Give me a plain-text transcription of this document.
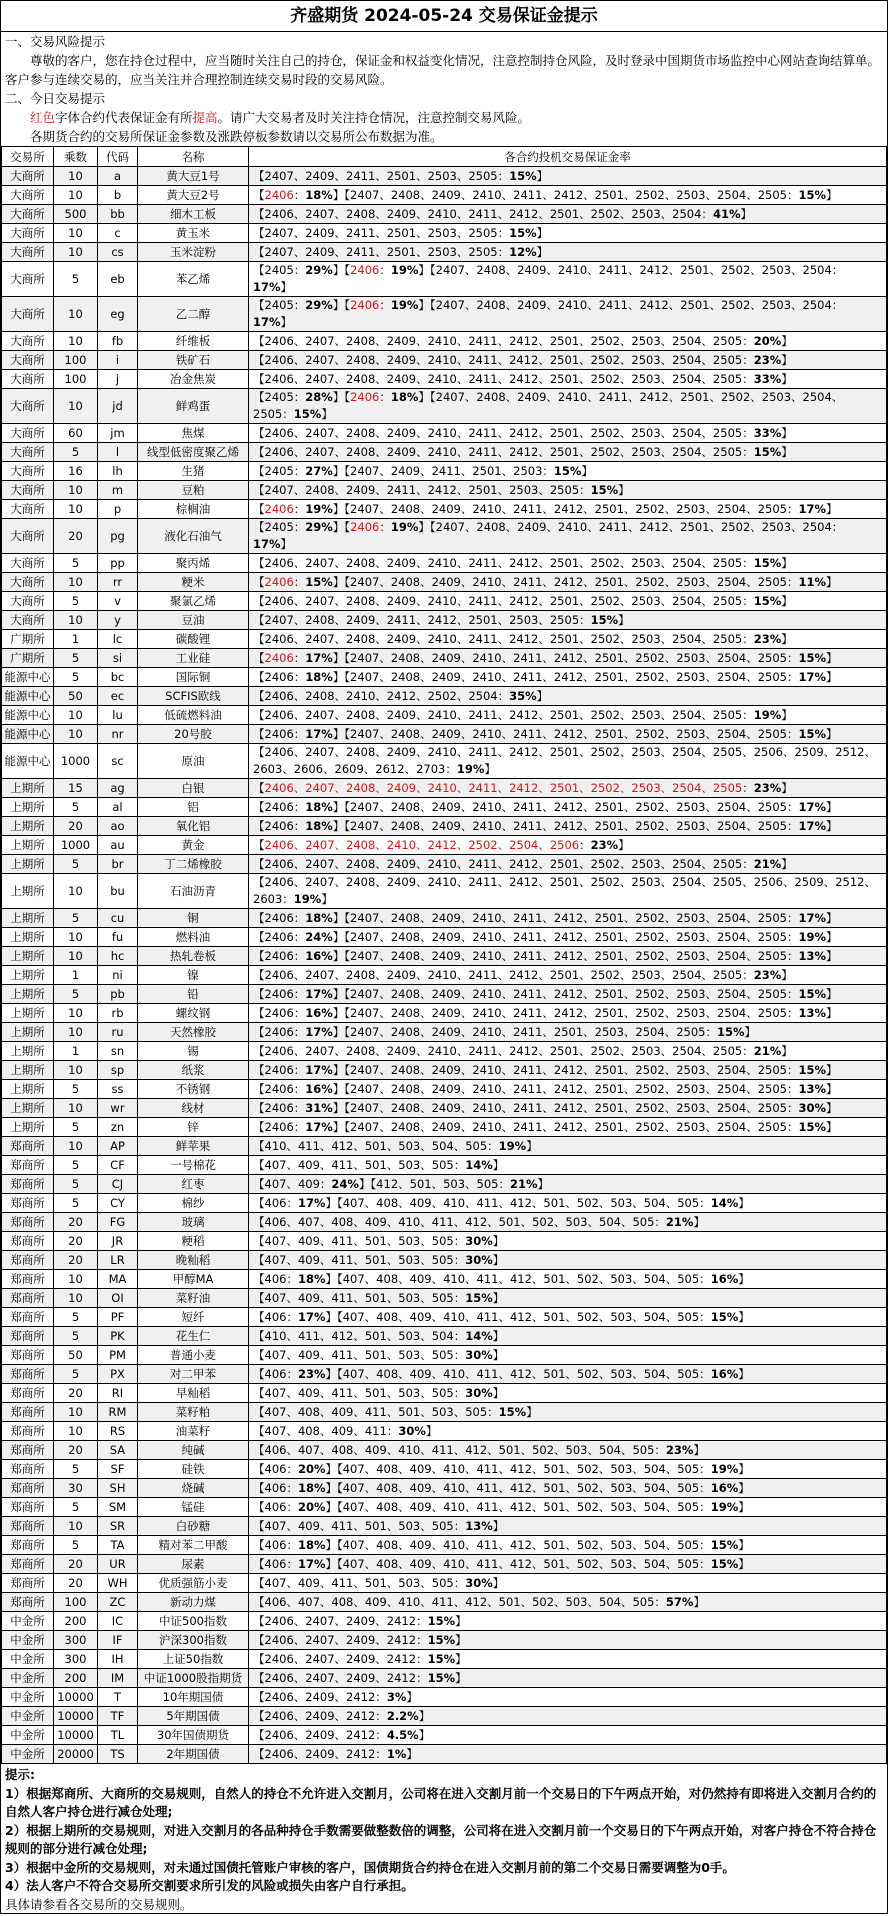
齐盛期货 2024-05-24 交易保证金提示
一、交易风险提示
尊敬的客户，您在持仓过程中，应当随时关注自己的持仓，保证金和权益变化情况，注意控制持仓风险，及时登录中国期货市场监控中心网站查询结算单。客户参与连续交易的，应当关注并合理控制连续交易时段的交易风险。
二、今日交易提示
红色字体合约代表保证金有所提高。请广大交易者及时关注持仓情况，注意控制交易风险。
各期货合约的交易所保证金参数及涨跌停板参数请以交易所公布数据为准。
交易所	乘数	代码	名称	各合约投机交易保证金率
大商所	10	a	黄大豆1号	【2407、2409、2411、2501、2503、2505：15%】
大商所	10	b	黄大豆2号	【2406：18%】【2407、2408、2409、2410、2411、2412、2501、2502、2503、2504、2505：15%】
大商所	500	bb	细木工板	【2406、2407、2408、2409、2410、2411、2412、2501、2502、2503、2504：41%】
大商所	10	c	黄玉米	【2407、2409、2411、2501、2503、2505：15%】
大商所	10	cs	玉米淀粉	【2407、2409、2411、2501、2503、2505：12%】
大商所	5	eb	苯乙烯	【2405：29%】【2406：19%】【2407、2408、2409、2410、2411、2412、2501、2502、2503、2504：17%】
大商所	10	eg	乙二醇	【2405：29%】【2406：19%】【2407、2408、2409、2410、2411、2412、2501、2502、2503、2504：17%】
大商所	10	fb	纤维板	【2406、2407、2408、2409、2410、2411、2412、2501、2502、2503、2504、2505：20%】
大商所	100	i	铁矿石	【2406、2407、2408、2409、2410、2411、2412、2501、2502、2503、2504、2505：23%】
大商所	100	j	冶金焦炭	【2406、2407、2408、2409、2410、2411、2412、2501、2502、2503、2504、2505：33%】
大商所	10	jd	鲜鸡蛋	【2405：28%】【2406：18%】【2407、2408、2409、2410、2411、2412、2501、2502、2503、2504、2505：15%】
大商所	60	jm	焦煤	【2406、2407、2408、2409、2410、2411、2412、2501、2502、2503、2504、2505：33%】
大商所	5	l	线型低密度聚乙烯	【2406、2407、2408、2409、2410、2411、2412、2501、2502、2503、2504、2505：15%】
大商所	16	lh	生猪	【2405：27%】【2407、2409、2411、2501、2503：15%】
大商所	10	m	豆粕	【2407、2408、2409、2411、2412、2501、2503、2505：15%】
大商所	10	p	棕榈油	【2406：19%】【2407、2408、2409、2410、2411、2412、2501、2502、2503、2504、2505：17%】
大商所	20	pg	液化石油气	【2405：29%】【2406：19%】【2407、2408、2409、2410、2411、2412、2501、2502、2503、2504：17%】
大商所	5	pp	聚丙烯	【2406、2407、2408、2409、2410、2411、2412、2501、2502、2503、2504、2505：15%】
大商所	10	rr	粳米	【2406：15%】【2407、2408、2409、2410、2411、2412、2501、2502、2503、2504、2505：11%】
大商所	5	v	聚氯乙烯	【2406、2407、2408、2409、2410、2411、2412、2501、2502、2503、2504、2505：15%】
大商所	10	y	豆油	【2407、2408、2409、2411、2412、2501、2503、2505：15%】
广期所	1	lc	碳酸锂	【2406、2407、2408、2409、2410、2411、2412、2501、2502、2503、2504、2505：23%】
广期所	5	si	工业硅	【2406：17%】【2407、2408、2409、2410、2411、2412、2501、2502、2503、2504、2505：15%】
能源中心	5	bc	国际铜	【2406：18%】【2407、2408、2409、2410、2411、2412、2501、2502、2503、2504、2505：17%】
能源中心	50	ec	SCFIS欧线	【2406、2408、2410、2412、2502、2504：35%】
能源中心	10	lu	低硫燃料油	【2406、2407、2408、2409、2410、2411、2412、2501、2502、2503、2504、2505：19%】
能源中心	10	nr	20号胶	【2406：17%】【2407、2408、2409、2410、2411、2412、2501、2502、2503、2504、2505：15%】
能源中心	1000	sc	原油	【2406、2407、2408、2409、2410、2411、2412、2501、2502、2503、2504、2505、2506、2509、2512、2603、2606、2609、2612、2703：19%】
上期所	15	ag	白银	【2406、2407、2408、2409、2410、2411、2412、2501、2502、2503、2504、2505：23%】
上期所	5	al	铝	【2406：18%】【2407、2408、2409、2410、2411、2412、2501、2502、2503、2504、2505：17%】
上期所	20	ao	氧化铝	【2406：18%】【2407、2408、2409、2410、2411、2412、2501、2502、2503、2504、2505：17%】
上期所	1000	au	黄金	【2406、2407、2408、2410、2412、2502、2504、2506：23%】
上期所	5	br	丁二烯橡胶	【2406、2407、2408、2409、2410、2411、2412、2501、2502、2503、2504、2505：21%】
上期所	10	bu	石油沥青	【2406、2407、2408、2409、2410、2411、2412、2501、2502、2503、2504、2505、2506、2509、2512、2603：19%】
上期所	5	cu	铜	【2406：18%】【2407、2408、2409、2410、2411、2412、2501、2502、2503、2504、2505：17%】
上期所	10	fu	燃料油	【2406：24%】【2407、2408、2409、2410、2411、2412、2501、2502、2503、2504、2505：19%】
上期所	10	hc	热轧卷板	【2406：16%】【2407、2408、2409、2410、2411、2412、2501、2502、2503、2504、2505：13%】
上期所	1	ni	镍	【2406、2407、2408、2409、2410、2411、2412、2501、2502、2503、2504、2505：23%】
上期所	5	pb	铅	【2406：17%】【2407、2408、2409、2410、2411、2412、2501、2502、2503、2504、2505：15%】
上期所	10	rb	螺纹钢	【2406：16%】【2407、2408、2409、2410、2411、2412、2501、2502、2503、2504、2505：13%】
上期所	10	ru	天然橡胶	【2406：17%】【2407、2408、2409、2410、2411、2501、2503、2504、2505：15%】
上期所	1	sn	锡	【2406、2407、2408、2409、2410、2411、2412、2501、2502、2503、2504、2505：21%】
上期所	10	sp	纸浆	【2406：17%】【2407、2408、2409、2410、2411、2412、2501、2502、2503、2504、2505：15%】
上期所	5	ss	不锈钢	【2406：16%】【2407、2408、2409、2410、2411、2412、2501、2502、2503、2504、2505：13%】
上期所	10	wr	线材	【2406：31%】【2407、2408、2409、2410、2411、2412、2501、2502、2503、2504、2505：30%】
上期所	5	zn	锌	【2406：17%】【2407、2408、2409、2410、2411、2412、2501、2502、2503、2504、2505：15%】
郑商所	10	AP	鲜苹果	【410、411、412、501、503、504、505：19%】
郑商所	5	CF	一号棉花	【407、409、411、501、503、505：14%】
郑商所	5	CJ	红枣	【407、409：24%】【412、501、503、505：21%】
郑商所	5	CY	棉纱	【406：17%】【407、408、409、410、411、412、501、502、503、504、505：14%】
郑商所	20	FG	玻璃	【406、407、408、409、410、411、412、501、502、503、504、505：21%】
郑商所	20	JR	粳稻	【407、409、411、501、503、505：30%】
郑商所	20	LR	晚籼稻	【407、409、411、501、503、505：30%】
郑商所	10	MA	甲醇MA	【406：18%】【407、408、409、410、411、412、501、502、503、504、505：16%】
郑商所	10	OI	菜籽油	【407、409、411、501、503、505：15%】
郑商所	5	PF	短纤	【406：17%】【407、408、409、410、411、412、501、502、503、504、505：15%】
郑商所	5	PK	花生仁	【410、411、412、501、503、504：14%】
郑商所	50	PM	普通小麦	【407、409、411、501、503、505：30%】
郑商所	5	PX	对二甲苯	【406：23%】【407、408、409、410、411、412、501、502、503、504、505：16%】
郑商所	20	RI	早籼稻	【407、409、411、501、503、505：30%】
郑商所	10	RM	菜籽粕	【407、408、409、411、501、503、505：15%】
郑商所	10	RS	油菜籽	【407、408、409、411：30%】
郑商所	20	SA	纯碱	【406、407、408、409、410、411、412、501、502、503、504、505：23%】
郑商所	5	SF	硅铁	【406：20%】【407、408、409、410、411、412、501、502、503、504、505：19%】
郑商所	30	SH	烧碱	【406：18%】【407、408、409、410、411、412、501、502、503、504、505：16%】
郑商所	5	SM	锰硅	【406：20%】【407、408、409、410、411、412、501、502、503、504、505：19%】
郑商所	10	SR	白砂糖	【407、409、411、501、503、505：13%】
郑商所	5	TA	精对苯二甲酸	【406：18%】【407、408、409、410、411、412、501、502、503、504、505：15%】
郑商所	20	UR	尿素	【406：17%】【407、408、409、410、411、412、501、502、503、504、505：15%】
郑商所	20	WH	优质强筋小麦	【407、409、411、501、503、505：30%】
郑商所	100	ZC	新动力煤	【406、407、408、409、410、411、412、501、502、503、504、505：57%】
中金所	200	IC	中证500指数	【2406、2407、2409、2412：15%】
中金所	300	IF	沪深300指数	【2406、2407、2409、2412：15%】
中金所	300	IH	上证50指数	【2406、2407、2409、2412：15%】
中金所	200	IM	中证1000股指期货	【2406、2407、2409、2412：15%】
中金所	10000	T	10年期国债	【2406、2409、2412：3%】
中金所	10000	TF	5年期国债	【2406、2409、2412：2.2%】
中金所	10000	TL	30年国债期货	【2406、2409、2412：4.5%】
中金所	20000	TS	2年期国债	【2406、2409、2412：1%】
提示:
1）根据郑商所、大商所的交易规则，自然人的持仓不允许进入交割月，公司将在进入交割月前一个交易日的下午两点开始，对仍然持有即将进入交割月合约的自然人客户持仓进行减仓处理;
2）根据上期所的交易规则，对进入交割月的各品种持仓手数需要做整数倍的调整，公司将在进入交割月前一个交易日的下午两点开始，对客户持仓不符合持仓规则的部分进行减仓处理;
3）根据中金所的交易规则，对未通过国债托管账户审核的客户，国债期货合约持仓在进入交割月前的第二个交易日需要调整为0手。
4）法人客户不符合交易所交割要求所引发的风险或损失由客户自行承担。
具体请参看各交易所的交易规则。
